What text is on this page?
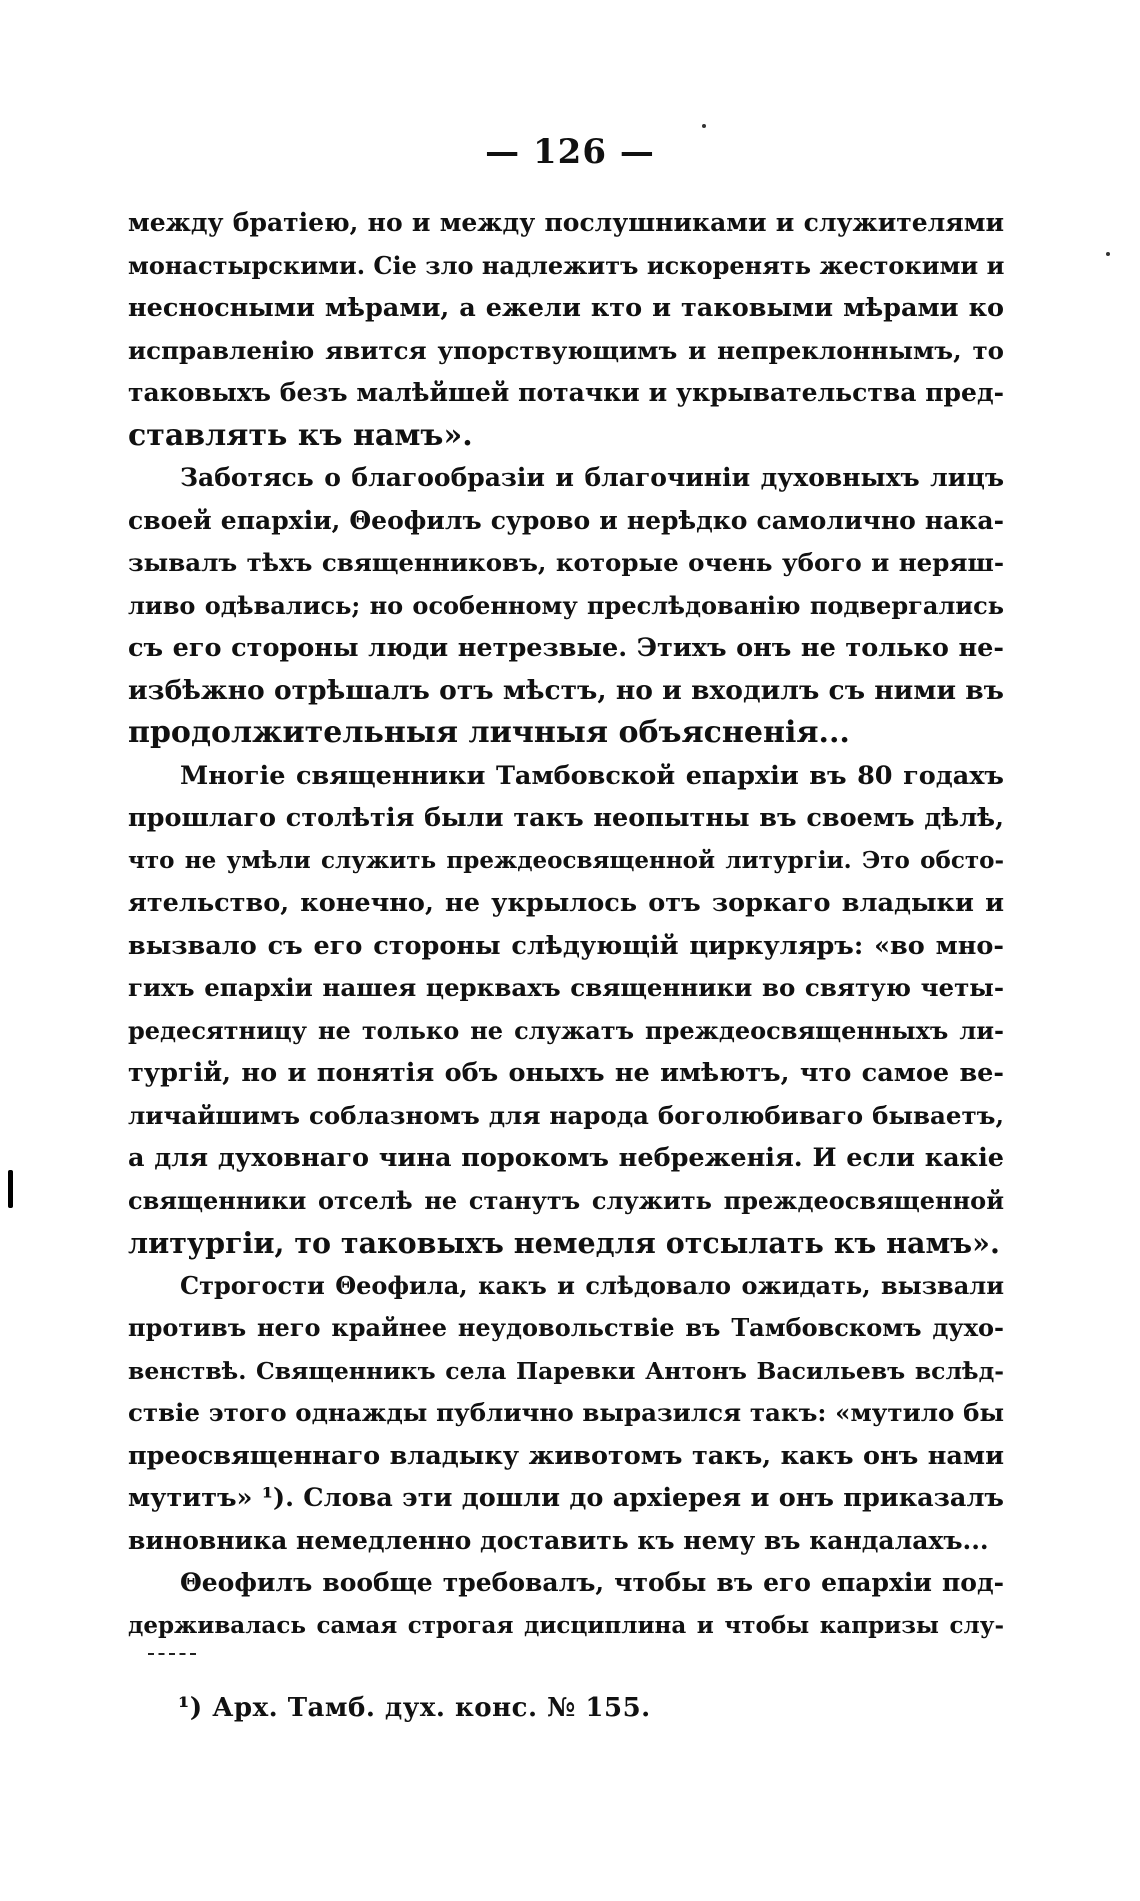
— 126 —
между братіею, но и между послушниками и служителями
монастырскими. Сіе зло надлежитъ искоренять жестокими и
несносными мѣрами, а ежели кто и таковыми мѣрами ко
исправленію явится упорствующимъ и непреклоннымъ, то
таковыхъ безъ малѣйшей потачки и укрывательства пред-
ставлять къ намъ».
Заботясь о благообразіи и благочиніи духовныхъ лицъ
своей епархіи, Θеофилъ сурово и нерѣдко самолично нака-
зывалъ тѣхъ священниковъ, которые очень убого и неряш-
ливо одѣвались; но особенному преслѣдованію подвергались
съ его стороны люди нетрезвые. Этихъ онъ не только не-
избѣжно отрѣшалъ отъ мѣстъ, но и входилъ съ ними въ
продолжительныя личныя объясненія...
Многіе священники Тамбовской епархіи въ 80 годахъ
прошлаго столѣтія были такъ неопытны въ своемъ дѣлѣ,
что не умѣли служить преждеосвященной литургіи. Это обсто-
ятельство, конечно, не укрылось отъ зоркаго владыки и
вызвало съ его стороны слѣдующій циркуляръ: «во мно-
гихъ епархіи нашея церквахъ священники во святую четы-
редесятницу не только не служатъ преждеосвященныхъ ли-
тургій, но и понятія объ оныхъ не имѣютъ, что самое ве-
личайшимъ соблазномъ для народа боголюбиваго бываетъ,
а для духовнаго чина порокомъ небреженія. И если какіе
священники отселѣ не станутъ служить преждеосвященной
литургіи, то таковыхъ немедля отсылать къ намъ».
Строгости Θеофила, какъ и слѣдовало ожидать, вызвали
противъ него крайнее неудовольствіе въ Тамбовскомъ духо-
венствѣ. Священникъ села Паревки Антонъ Васильевъ вслѣд-
ствіе этого однажды публично выразился такъ: «мутило бы
преосвященнаго владыку животомъ такъ, какъ онъ нами
мутитъ» ¹). Слова эти дошли до архіерея и онъ приказалъ
виновника немедленно доставить къ нему въ кандалахъ...
Θеофилъ вообще требовалъ, чтобы въ его епархіи под-
держивалась самая строгая дисциплина и чтобы капризы слу-
¹) Арх. Тамб. дух. конс. № 155.
